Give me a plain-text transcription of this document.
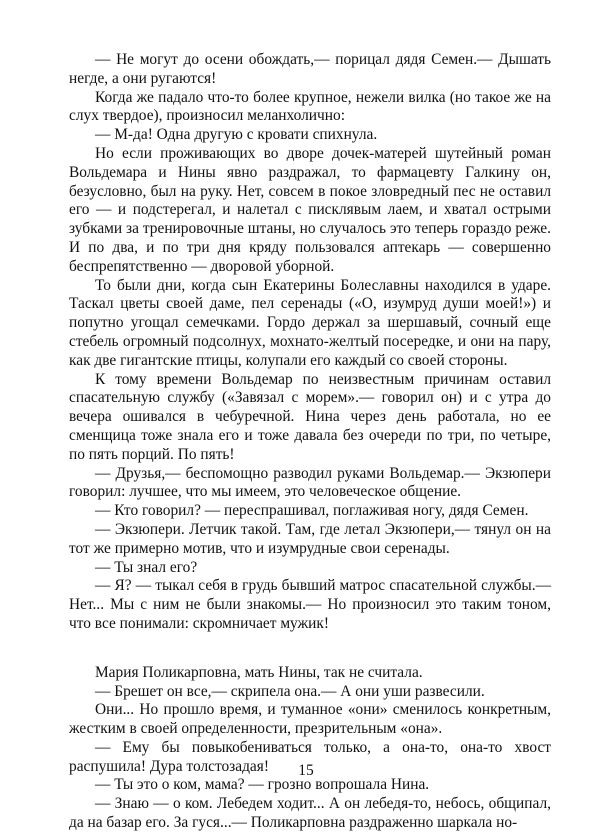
— Не могут до осени обождать,— порицал дядя Семен.— Дышать негде, а они ругаются!

Когда же падало что-то более крупное, нежели вилка (но такое же на слух твердое), произносил меланхолично:

— М-да! Одна другую с кровати спихнула.

Но если проживающих во дворе дочек-матерей шутейный роман Вольдемара и Нины явно раздражал, то фармацевту Галкину он, безусловно, был на руку. Нет, совсем в покое зловредный пес не оставил его — и подстерегал, и налетал с писклявым лаем, и хватал острыми зубками за тренировочные штаны, но случалось это теперь гораздо реже. И по два, и по три дня кряду пользовался аптекарь — совершенно беспрепятственно — дворовой уборной.

То были дни, когда сын Екатерины Болеславны находился в ударе. Таскал цветы своей даме, пел серенады («О, изумруд души моей!») и попутно угощал семечками. Гордо держал за шершавый, сочный еще стебель огромный подсолнух, мохнато-желтый посередке, и они на пару, как две гигантские птицы, колупали его каждый со своей стороны.

К тому времени Вольдемар по неизвестным причинам оставил спасательную службу («Завязал с морем».— говорил он) и с утра до вечера ошивался в чебуречной. Нина через день работала, но ее сменщица тоже знала его и тоже давала без очереди по три, по четыре, по пять порций. По пять!

— Друзья,— беспомощно разводил руками Вольдемар.— Экзюпери говорил: лучшее, что мы имеем, это человеческое общение.

— Кто говорил? — переспрашивал, поглаживая ногу, дядя Семен.

— Экзюпери. Летчик такой. Там, где летал Экзюпери,— тянул он на тот же примерно мотив, что и изумрудные свои серенады.

— Ты знал его?

— Я? — тыкал себя в грудь бывший матрос спасательной службы.— Нет... Мы с ним не были знакомы.— Но произносил это таким тоном, что все понимали: скромничает мужик!

Мария Поликарповна, мать Нины, так не считала.

— Брешет он все,— скрипела она.— А они уши развесили.

Они... Но прошло время, и туманное «они» сменилось конкретным, жестким в своей определенности, презрительным «она».

— Ему бы повыкобениваться только, а она-то, она-то хвост распушила! Дура толстозадая!

— Ты это о ком, мама? — грозно вопрошала Нина.

— Знаю — о ком. Лебедем ходит... А он лебедя-то, небось, общипал, да на базар его. За гуся...— Поликарповна раздраженно шаркала но-

15
